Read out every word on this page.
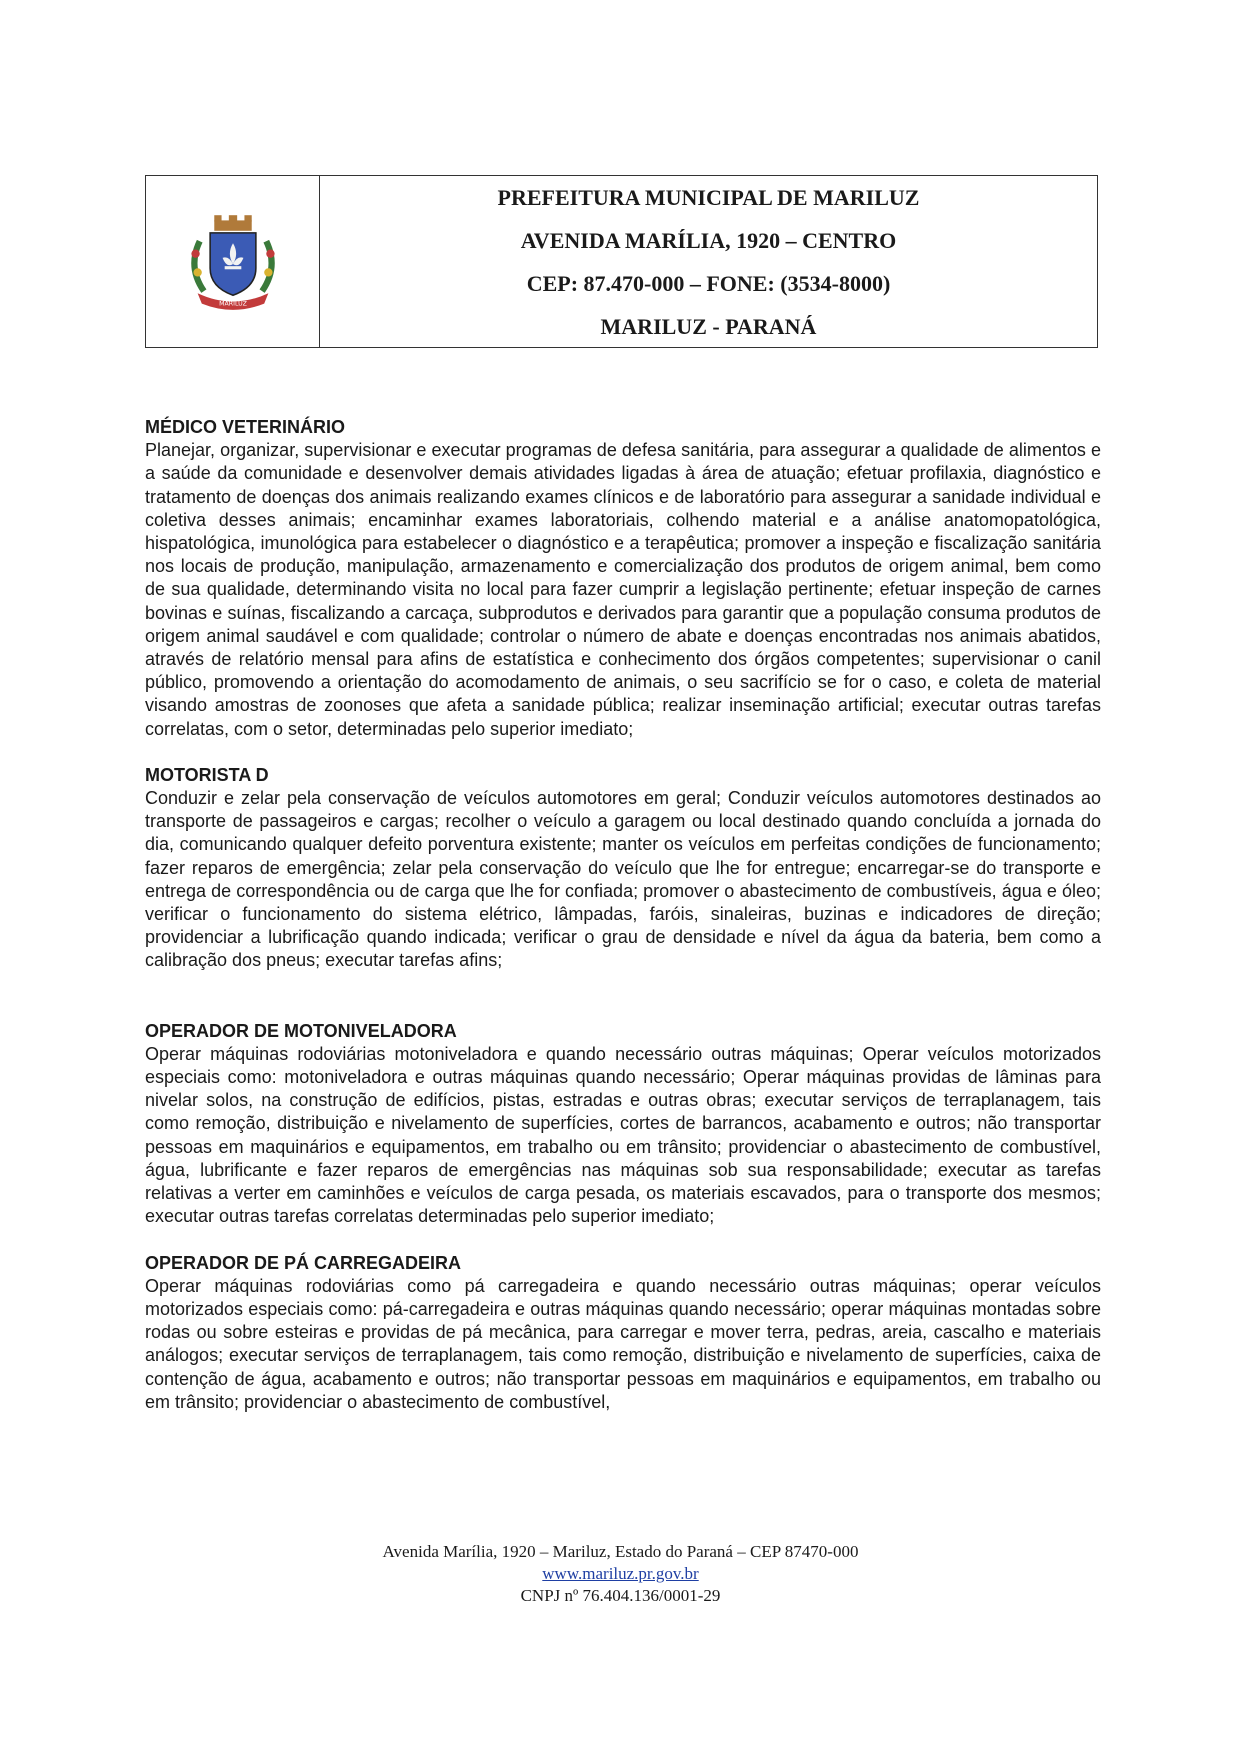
MARILUZ
PREFEITURA MUNICIPAL DE MARILUZ
AVENIDA MARÍLIA, 1920 – CENTRO
CEP: 87.470-000 – FONE: (3534-8000)
MARILUZ - PARANÁ
MÉDICO VETERINÁRIO

Planejar, organizar, supervisionar e executar programas de defesa sanitária, para assegurar a qualidade de alimentos e a saúde da comunidade e desenvolver demais atividades ligadas à área de atuação; efetuar profilaxia, diagnóstico e tratamento de doenças dos animais realizando exames clínicos e de laboratório para assegurar a sanidade individual e coletiva desses animais; encaminhar exames laboratoriais, colhendo material e a análise anatomopatológica, hispatológica, imunológica para estabelecer o diagnóstico e a terapêutica; promover a inspeção e fiscalização sanitária nos locais de produção, manipulação, armazenamento e comercialização dos produtos de origem animal, bem como de sua qualidade, determinando visita no local para fazer cumprir a legislação pertinente; efetuar inspeção de carnes bovinas e suínas, fiscalizando a carcaça, subprodutos e derivados para garantir que a população consuma produtos de origem animal saudável e com qualidade; controlar o número de abate e doenças encontradas nos animais abatidos, através de relatório mensal para afins de estatística e conhecimento dos órgãos competentes; supervisionar o canil público, promovendo a orientação do acomodamento de animais, o seu sacrifício se for o caso, e coleta de material visando amostras de zoonoses que afeta a sanidade pública; realizar inseminação artificial; executar outras tarefas correlatas, com o setor, determinadas pelo superior imediato;

MOTORISTA D

Conduzir e zelar pela conservação de veículos automotores em geral; Conduzir veículos automotores destinados ao transporte de passageiros e cargas; recolher o veículo a garagem ou local destinado quando concluída a jornada do dia, comunicando qualquer defeito porventura existente; manter os veículos em perfeitas condições de funcionamento; fazer reparos de emergência; zelar pela conservação do veículo que lhe for entregue; encarregar-se do transporte e entrega de correspondência ou de carga que lhe for confiada; promover o abastecimento de combustíveis, água e óleo; verificar o funcionamento do sistema elétrico, lâmpadas, faróis, sinaleiras, buzinas e indicadores de direção; providenciar a lubrificação quando indicada; verificar o grau de densidade e nível da água da bateria, bem como a calibração dos pneus; executar tarefas afins;

OPERADOR DE MOTONIVELADORA

Operar máquinas rodoviárias motoniveladora e quando necessário outras máquinas; Operar veículos motorizados especiais como: motoniveladora e outras máquinas quando necessário; Operar máquinas providas de lâminas para nivelar solos, na construção de edifícios, pistas, estradas e outras obras; executar serviços de terraplanagem, tais como remoção, distribuição e nivelamento de superfícies, cortes de barrancos, acabamento e outros; não transportar pessoas em maquinários e equipamentos, em trabalho ou em trânsito; providenciar o abastecimento de combustível, água, lubrificante e fazer reparos de emergências nas máquinas sob sua responsabilidade; executar as tarefas relativas a verter em caminhões e veículos de carga pesada, os materiais escavados, para o transporte dos mesmos; executar outras tarefas correlatas determinadas pelo superior imediato;

OPERADOR DE PÁ CARREGADEIRA

Operar máquinas rodoviárias como pá carregadeira e quando necessário outras máquinas; operar veículos motorizados especiais como: pá-carregadeira e outras máquinas quando necessário; operar máquinas montadas sobre rodas ou sobre esteiras e providas de pá mecânica, para carregar e mover terra, pedras, areia, cascalho e materiais análogos; executar serviços de terraplanagem, tais como remoção, distribuição e nivelamento de superfícies, caixa de contenção de água, acabamento e outros; não transportar pessoas em maquinários e equipamentos, em trabalho ou em trânsito; providenciar o abastecimento de combustível,

Avenida Marília, 1920 – Mariluz, Estado do Paraná – CEP 87470-000
www.mariluz.pr.gov.br
CNPJ nº 76.404.136/0001-29
